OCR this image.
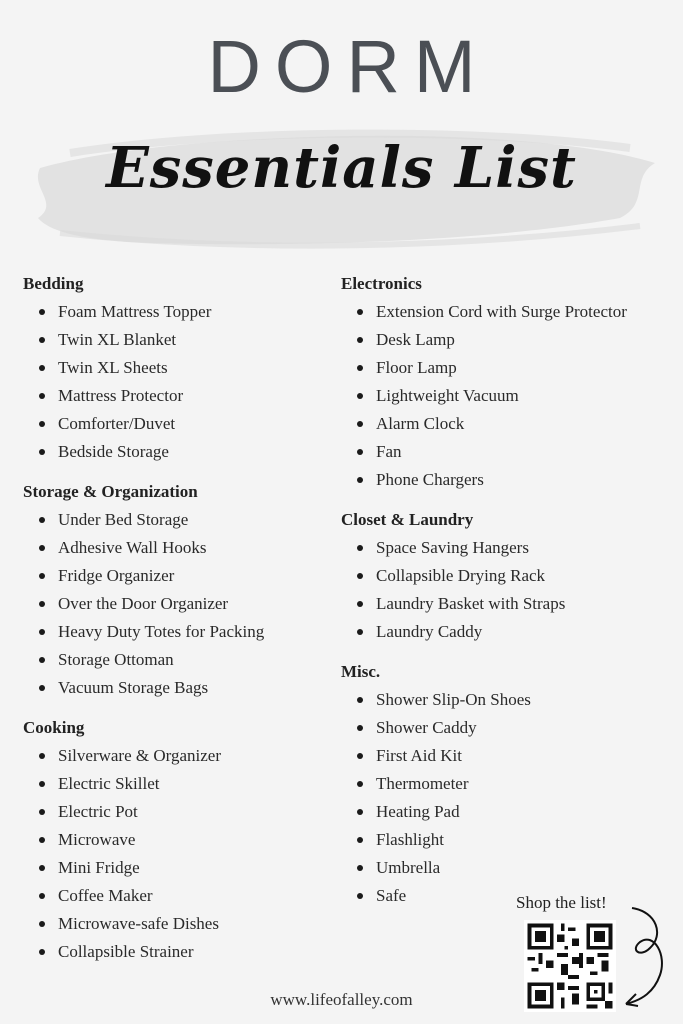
DORM
Essentials List
Bedding
Foam Mattress Topper
Twin XL Blanket
Twin XL Sheets
Mattress Protector
Comforter/Duvet
Bedside Storage
Storage & Organization
Under Bed Storage
Adhesive Wall Hooks
Fridge Organizer
Over the Door Organizer
Heavy Duty Totes for Packing
Storage Ottoman
Vacuum Storage Bags
Cooking
Silverware & Organizer
Electric Skillet
Electric Pot
Microwave
Mini Fridge
Coffee Maker
Microwave-safe Dishes
Collapsible Strainer
Electronics
Extension Cord with Surge Protector
Desk Lamp
Floor Lamp
Lightweight Vacuum
Alarm Clock
Fan
Phone Chargers
Closet & Laundry
Space Saving Hangers
Collapsible Drying Rack
Laundry Basket with Straps
Laundry Caddy
Misc.
Shower Slip-On Shoes
Shower Caddy
First Aid Kit
Thermometer
Heating Pad
Flashlight
Umbrella
Safe	Shop the list!
www.lifeofalley.com
